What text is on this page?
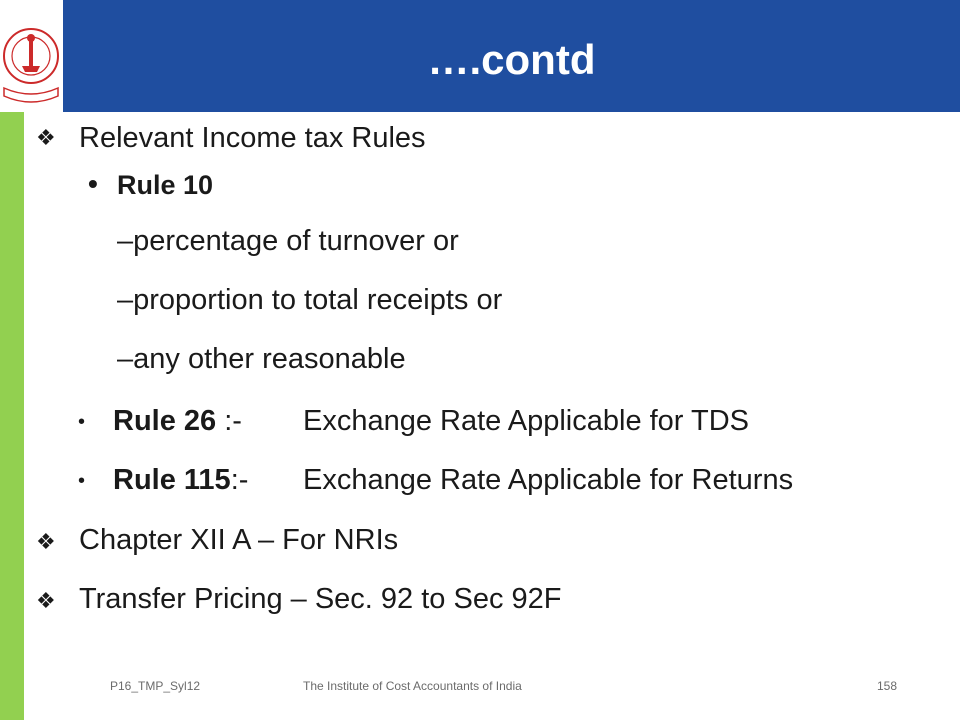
….contd
❖ Relevant Income tax Rules
• Rule 10
–percentage of turnover or
–proportion to total receipts or
–any other reasonable
• Rule 26 :- Exchange Rate Applicable for TDS
• Rule 115:- Exchange Rate Applicable for Returns
❖ Chapter XII A – For NRIs
❖ Transfer Pricing – Sec. 92 to Sec 92F
P16_TMP_Syl12	The Institute of Cost Accountants of India	158
